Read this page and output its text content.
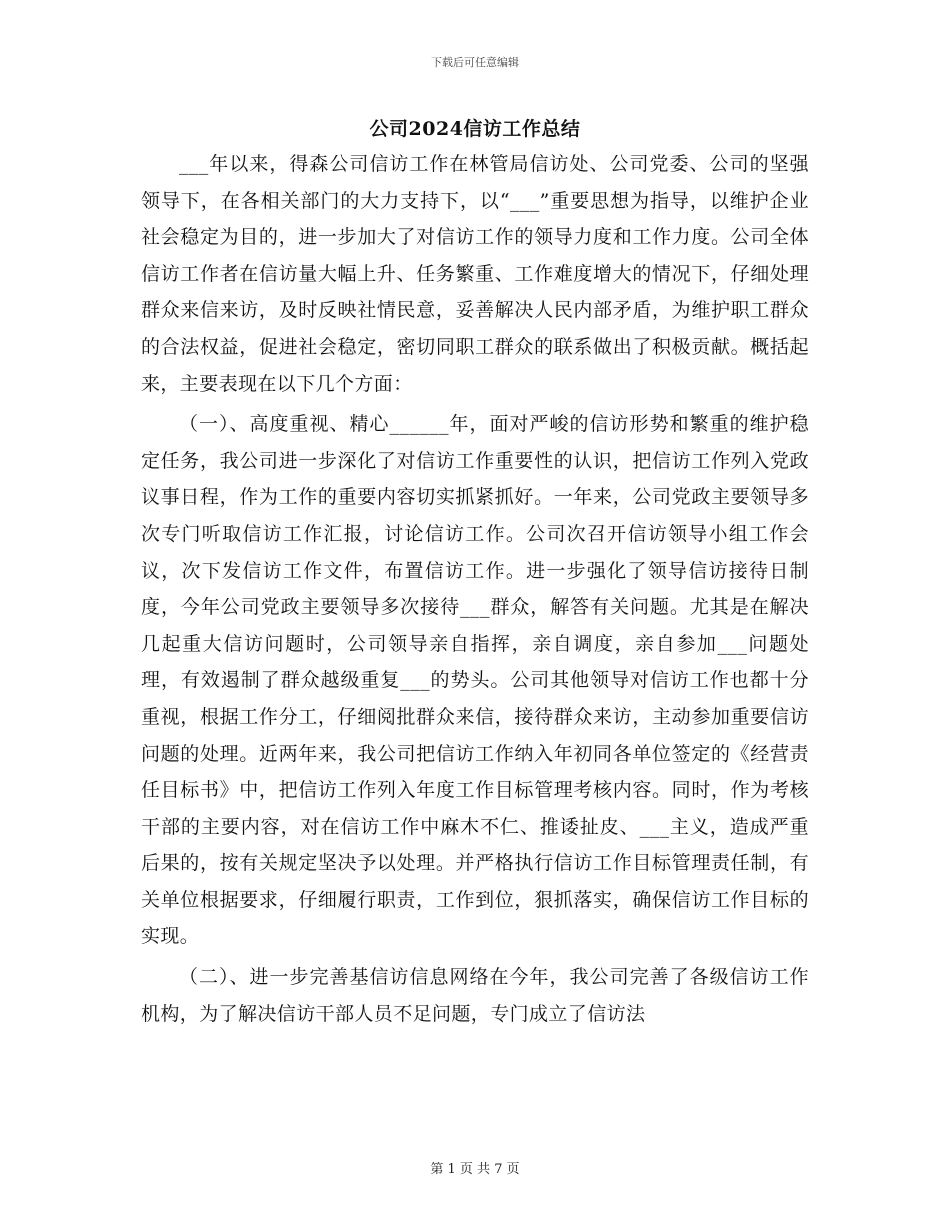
下载后可任意编辑
公司2024信访工作总结

___年以来，得森公司信访工作在林管局信访处、公司党委、公司的坚强领导下，在各相关部门的大力支持下，以“___”重要思想为指导，以维护企业社会稳定为目的，进一步加大了对信访工作的领导力度和工作力度。公司全体信访工作者在信访量大幅上升、任务繁重、工作难度增大的情况下，仔细处理群众来信来访，及时反映社情民意，妥善解决人民内部矛盾，为维护职工群众的合法权益，促进社会稳定，密切同职工群众的联系做出了积极贡献。概括起来，主要表现在以下几个方面：

（一）、高度重视、精心______年，面对严峻的信访形势和繁重的维护稳定任务，我公司进一步深化了对信访工作重要性的认识，把信访工作列入党政议事日程，作为工作的重要内容切实抓紧抓好。一年来，公司党政主要领导多次专门听取信访工作汇报，讨论信访工作。公司次召开信访领导小组工作会议，次下发信访工作文件，布置信访工作。进一步强化了领导信访接待日制度，今年公司党政主要领导多次接待___群众，解答有关问题。尤其是在解决几起重大信访问题时，公司领导亲自指挥，亲自调度，亲自参加___问题处理，有效遏制了群众越级重复___的势头。公司其他领导对信访工作也都十分重视，根据工作分工，仔细阅批群众来信，接待群众来访，主动参加重要信访问题的处理。近两年来，我公司把信访工作纳入年初同各单位签定的《经营责任目标书》中，把信访工作列入年度工作目标管理考核内容。同时，作为考核干部的主要内容，对在信访工作中麻木不仁、推诿扯皮、___主义，造成严重后果的，按有关规定坚决予以处理。并严格执行信访工作目标管理责任制，有关单位根据要求，仔细履行职责，工作到位，狠抓落实，确保信访工作目标的实现。

（二）、进一步完善基信访信息网络在今年，我公司完善了各级信访工作机构，为了解决信访干部人员不足问题，专门成立了信访法

第 1 页 共 7 页
